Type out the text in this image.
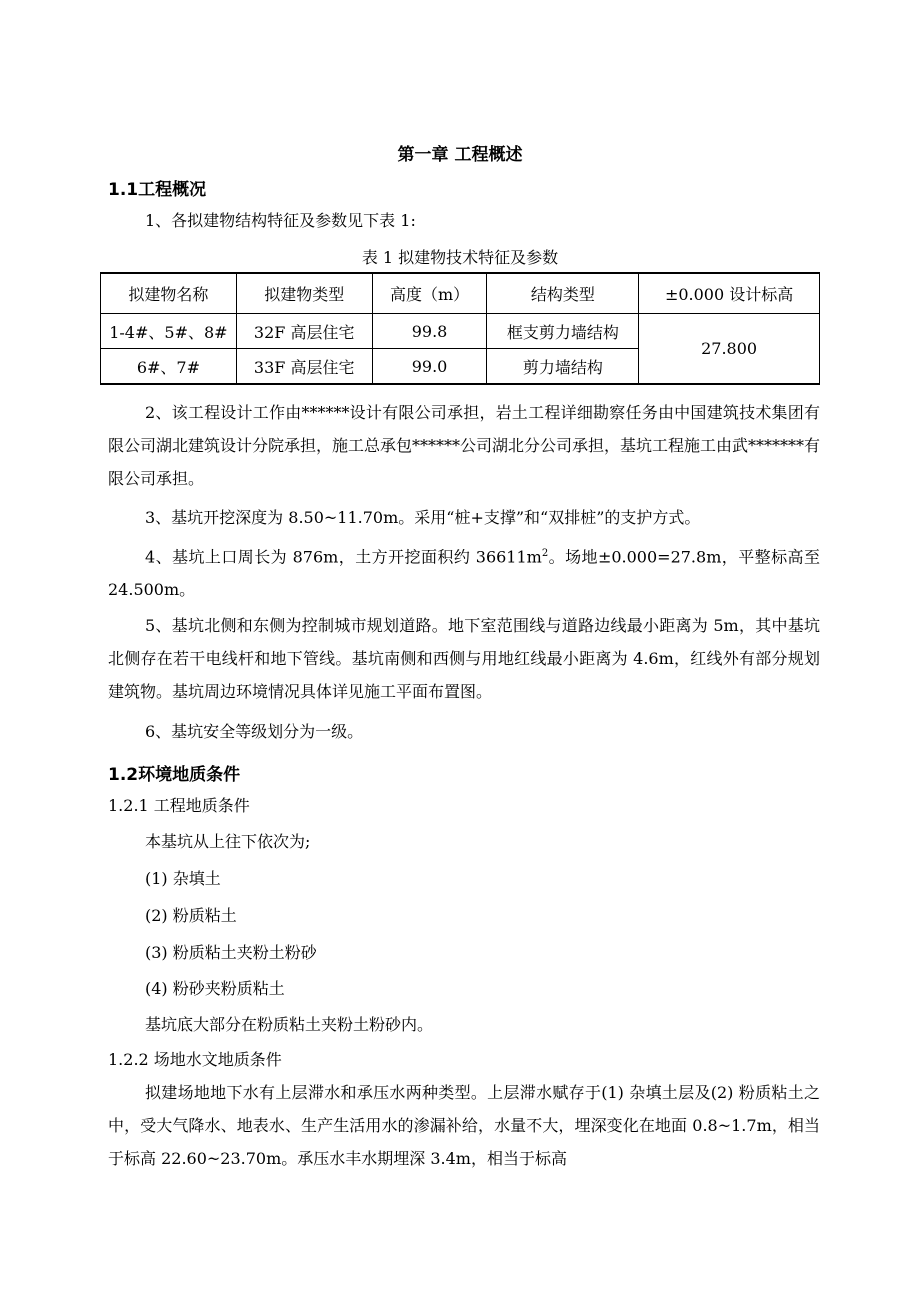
第一章 工程概述
1.1工程概况
1、各拟建物结构特征及参数见下表 1:
表 1 拟建物技术特征及参数
拟建物名称	拟建物类型	高度（m）	结构类型	±0.000 设计标高
1-4#、5#、8#	32F 高层住宅	99.8	框支剪力墙结构	27.800
6#、7#	33F 高层住宅	99.0	剪力墙结构	
2、该工程设计工作由******设计有限公司承担，岩土工程详细勘察任务由中国建筑技术集团有限公司湖北建筑设计分院承担，施工总承包******公司湖北分公司承担，基坑工程施工由武*******有限公司承担。
3、基坑开挖深度为 8.50~11.70m。采用“桩+支撑”和“双排桩”的支护方式。
4、基坑上口周长为 876m，土方开挖面积约 $36611m^2$。场地±0.000=27.8m，平整标高至 24.500m。
5、基坑北侧和东侧为控制城市规划道路。地下室范围线与道路边线最小距离为 5m，其中基坑北侧存在若干电线杆和地下管线。基坑南侧和西侧与用地红线最小距离为 4.6m，红线外有部分规划建筑物。基坑周边环境情况具体详见施工平面布置图。
6、基坑安全等级划分为一级。
1.2环境地质条件
1.2.1 工程地质条件
本基坑从上往下依次为;
(1) 杂填土
(2) 粉质粘土
(3) 粉质粘土夹粉土粉砂
(4) 粉砂夹粉质粘土
基坑底大部分在粉质粘土夹粉土粉砂内。
1.2.2 场地水文地质条件
拟建场地地下水有上层滞水和承压水两种类型。上层滞水赋存于(1) 杂填土层及(2) 粉质粘土之中，受大气降水、地表水、生产生活用水的渗漏补给，水量不大，埋深变化在地面 0.8~1.7m，相当于标高 22.60~23.70m。承压水丰水期埋深 3.4m，相当于标高
